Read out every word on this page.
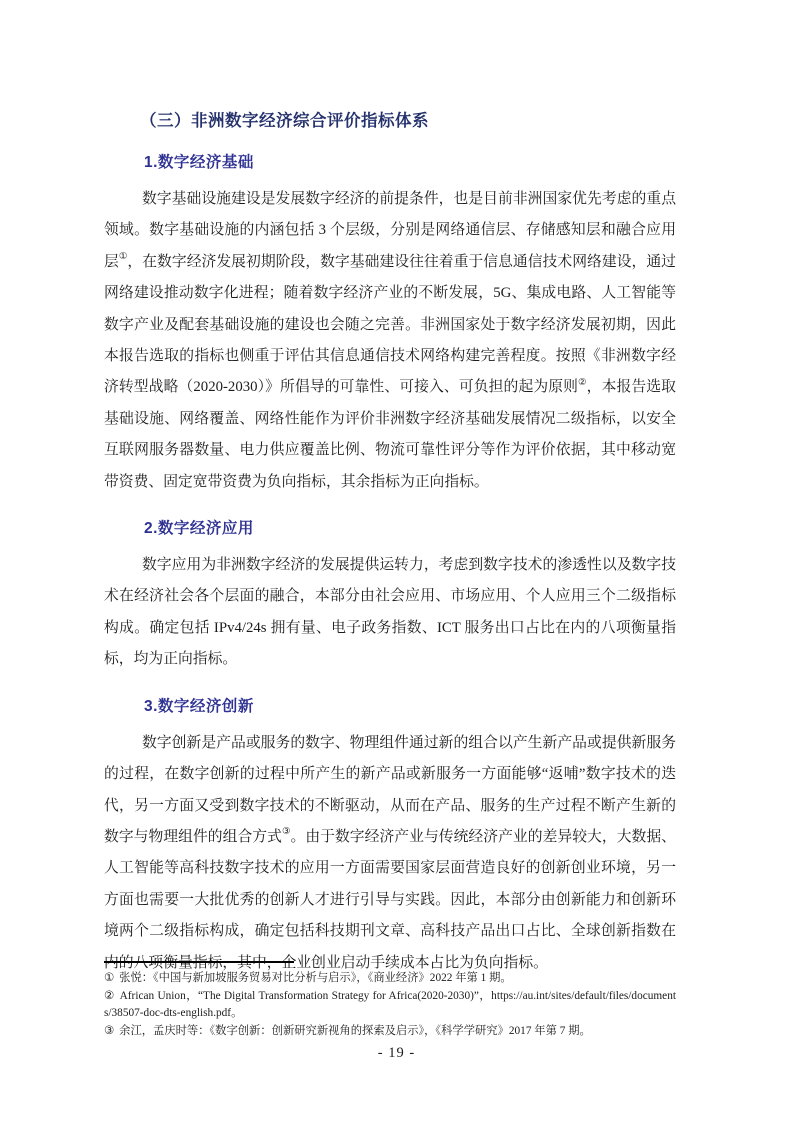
（三）非洲数字经济综合评价指标体系
1.数字经济基础

数字基础设施建设是发展数字经济的前提条件，也是目前非洲国家优先考虑的重点领域。数字基础设施的内涵包括 3 个层级，分别是网络通信层、存储感知层和融合应用层①，在数字经济发展初期阶段，数字基础建设往往着重于信息通信技术网络建设，通过网络建设推动数字化进程；随着数字经济产业的不断发展，5G、集成电路、人工智能等数字产业及配套基础设施的建设也会随之完善。非洲国家处于数字经济发展初期，因此本报告选取的指标也侧重于评估其信息通信技术网络构建完善程度。按照《非洲数字经济转型战略（2020-2030）》所倡导的可靠性、可接入、可负担的起为原则②，本报告选取基础设施、网络覆盖、网络性能作为评价非洲数字经济基础发展情况二级指标，以安全互联网服务器数量、电力供应覆盖比例、物流可靠性评分等作为评价依据，其中移动宽带资费、固定宽带资费为负向指标，其余指标为正向指标。

2.数字经济应用

数字应用为非洲数字经济的发展提供运转力，考虑到数字技术的渗透性以及数字技术在经济社会各个层面的融合，本部分由社会应用、市场应用、个人应用三个二级指标构成。确定包括 IPv4/24s 拥有量、电子政务指数、ICT 服务出口占比在内的八项衡量指标，均为正向指标。

3.数字经济创新

数字创新是产品或服务的数字、物理组件通过新的组合以产生新产品或提供新服务的过程，在数字创新的过程中所产生的新产品或新服务一方面能够“返哺”数字技术的迭代，另一方面又受到数字技术的不断驱动，从而在产品、服务的生产过程不断产生新的数字与物理组件的组合方式③。由于数字经济产业与传统经济产业的差异较大，大数据、人工智能等高科技数字技术的应用一方面需要国家层面营造良好的创新创业环境，另一方面也需要一大批优秀的创新人才进行引导与实践。因此，本部分由创新能力和创新环境两个二级指标构成，确定包括科技期刊文章、高科技产品出口占比、全球创新指数在内的八项衡量指标，其中，企业创业启动手续成本占比为负向指标。

① 张悦：《中国与新加坡服务贸易对比分析与启示》，《商业经济》2022 年第 1 期。
② African Union，“The Digital Transformation Strategy for Africa(2020-2030)”，https://au.int/sites/default/files/documents/38507-doc-dts-english.pdf。
③ 余江，孟庆时等：《数字创新：创新研究新视角的探索及启示》，《科学学研究》2017 年第 7 期。
- 19 -
